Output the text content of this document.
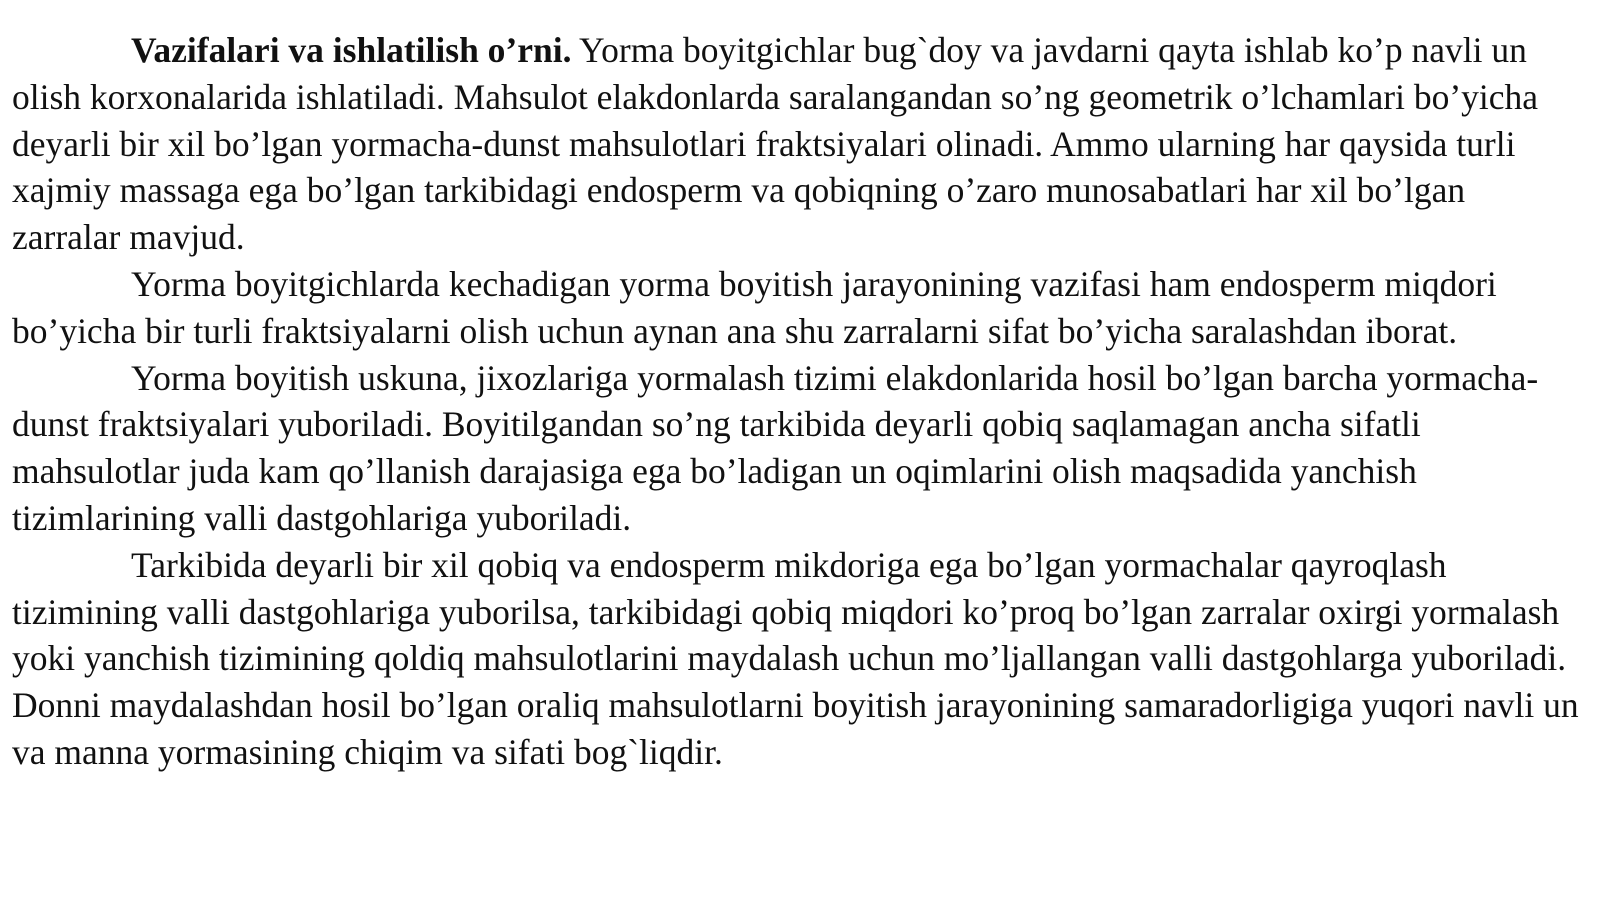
Vazifalari va ishlatilish o’rni. Yorma boyitgichlar bug`doy va javdarni qayta ishlab ko’p navli un olish korxonalarida ishlatiladi. Mahsulot elakdonlarda saralangandan so’ng geometrik o’lchamlari bo’yicha deyarli bir xil bo’lgan yormacha-dunst mahsulotlari fraktsiyalari olinadi. Ammo ularning har qaysida turli xajmiy massaga ega bo’lgan tarkibidagi endosperm va qobiqning o’zaro munosabatlari har xil bo’lgan zarralar mavjud.

Yorma boyitgichlarda kechadigan yorma boyitish jarayonining vazifasi ham endosperm miqdori bo’yicha bir turli fraktsiyalarni olish uchun aynan ana shu zarralarni sifat bo’yicha saralashdan iborat.

Yorma boyitish uskuna, jixozlariga yormalash tizimi elakdonlarida hosil bo’lgan barcha yormacha-dunst fraktsiyalari yuboriladi. Boyitilgandan so’ng tarkibida deyarli qobiq saqlamagan ancha sifatli mahsulotlar juda kam qo’llanish darajasiga ega bo’ladigan un oqimlarini olish maqsadida yanchish tizimlarining valli dastgohlariga yuboriladi.

Tarkibida deyarli bir xil qobiq va endosperm mikdoriga ega bo’lgan yormachalar qayroqlash tizimining valli dastgohlariga yuborilsa, tarkibidagi qobiq miqdori ko’proq bo’lgan zarralar oxirgi yormalash yoki yanchish tizimining qoldiq mahsulotlarini maydalash uchun mo’ljallangan valli dastgohlarga yuboriladi. Donni maydalashdan hosil bo’lgan oraliq mahsulotlarni boyitish jarayonining samaradorligiga yuqori navli un va manna yormasining chiqim va sifati bog`liqdir.
